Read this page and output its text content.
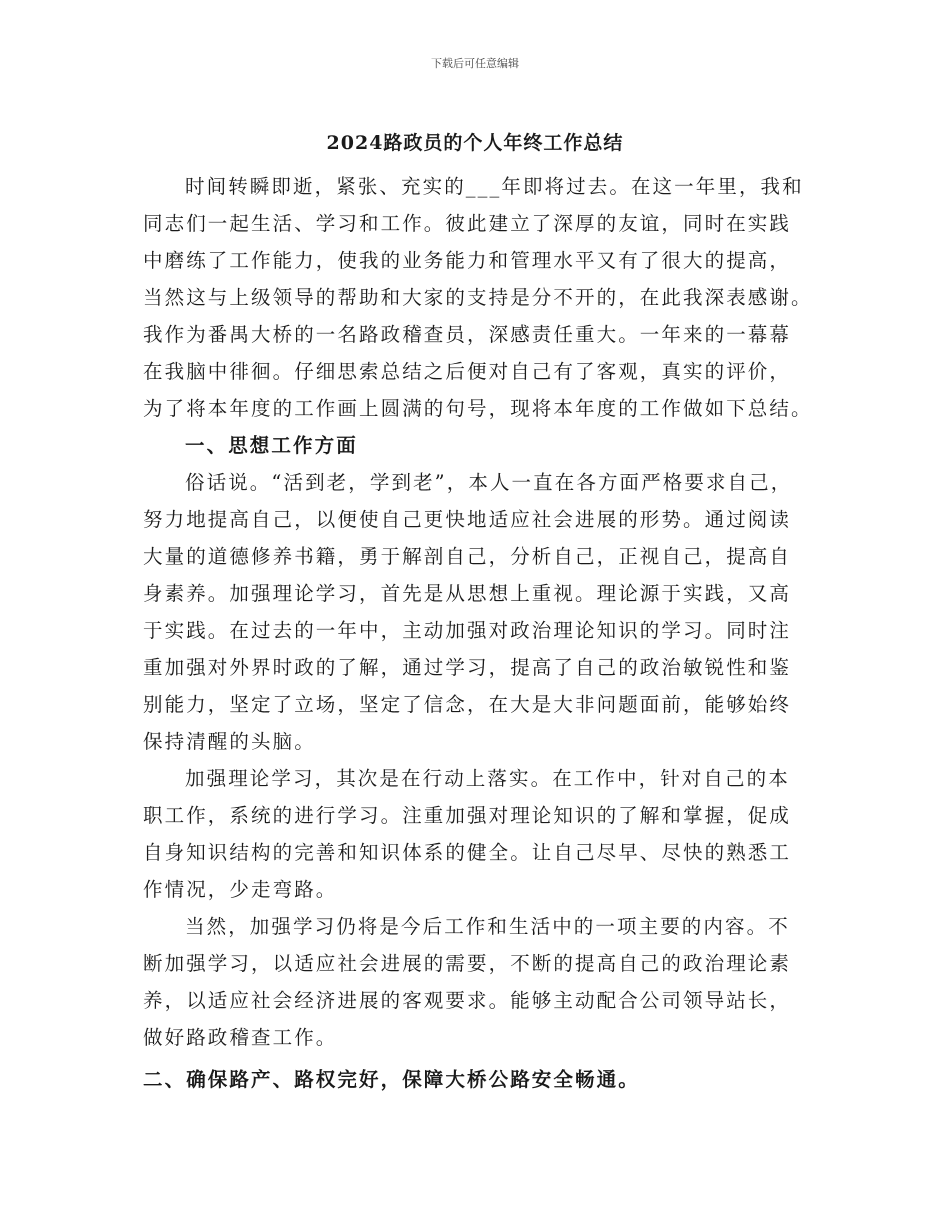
下载后可任意编辑
2024路政员的个人年终工作总结
时间转瞬即逝，紧张、充实的___年即将过去。在这一年里，我和
同志们一起生活、学习和工作。彼此建立了深厚的友谊，同时在实践
中磨练了工作能力，使我的业务能力和管理水平又有了很大的提高，
当然这与上级领导的帮助和大家的支持是分不开的，在此我深表感谢。
我作为番禺大桥的一名路政稽查员，深感责任重大。一年来的一幕幕
在我脑中徘徊。仔细思索总结之后便对自己有了客观，真实的评价，
为了将本年度的工作画上圆满的句号，现将本年度的工作做如下总结。
一、思想工作方面
俗话说。“活到老，学到老”，本人一直在各方面严格要求自己，
努力地提高自己，以便使自己更快地适应社会进展的形势。通过阅读
大量的道德修养书籍，勇于解剖自己，分析自己，正视自己，提高自
身素养。加强理论学习，首先是从思想上重视。理论源于实践，又高
于实践。在过去的一年中，主动加强对政治理论知识的学习。同时注
重加强对外界时政的了解，通过学习，提高了自己的政治敏锐性和鉴
别能力，坚定了立场，坚定了信念，在大是大非问题面前，能够始终
保持清醒的头脑。
加强理论学习，其次是在行动上落实。在工作中，针对自己的本
职工作，系统的进行学习。注重加强对理论知识的了解和掌握，促成
自身知识结构的完善和知识体系的健全。让自己尽早、尽快的熟悉工
作情况，少走弯路。
当然，加强学习仍将是今后工作和生活中的一项主要的内容。不
断加强学习，以适应社会进展的需要，不断的提高自己的政治理论素
养，以适应社会经济进展的客观要求。能够主动配合公司领导站长，
做好路政稽查工作。
二、确保路产、路权完好，保障大桥公路安全畅通。
